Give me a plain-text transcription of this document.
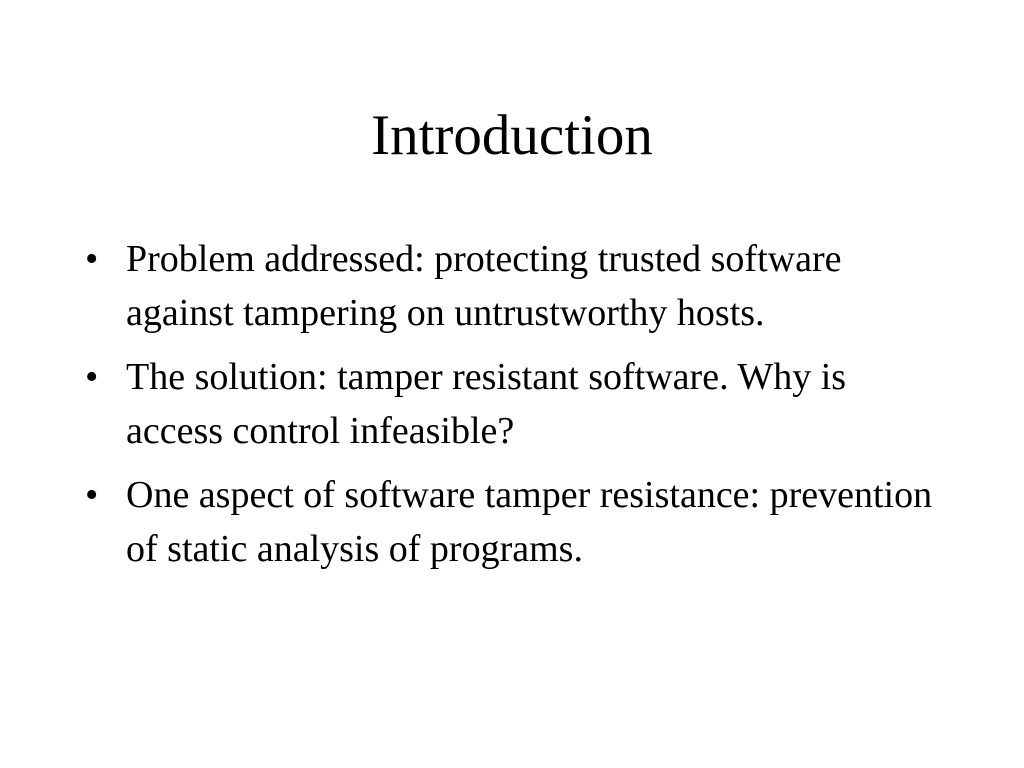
Introduction
• Problem addressed: protecting trusted software against tampering on untrustworthy hosts.
• The solution: tamper resistant software. Why is access control infeasible?
• One aspect of software tamper resistance: prevention of static analysis of programs.
